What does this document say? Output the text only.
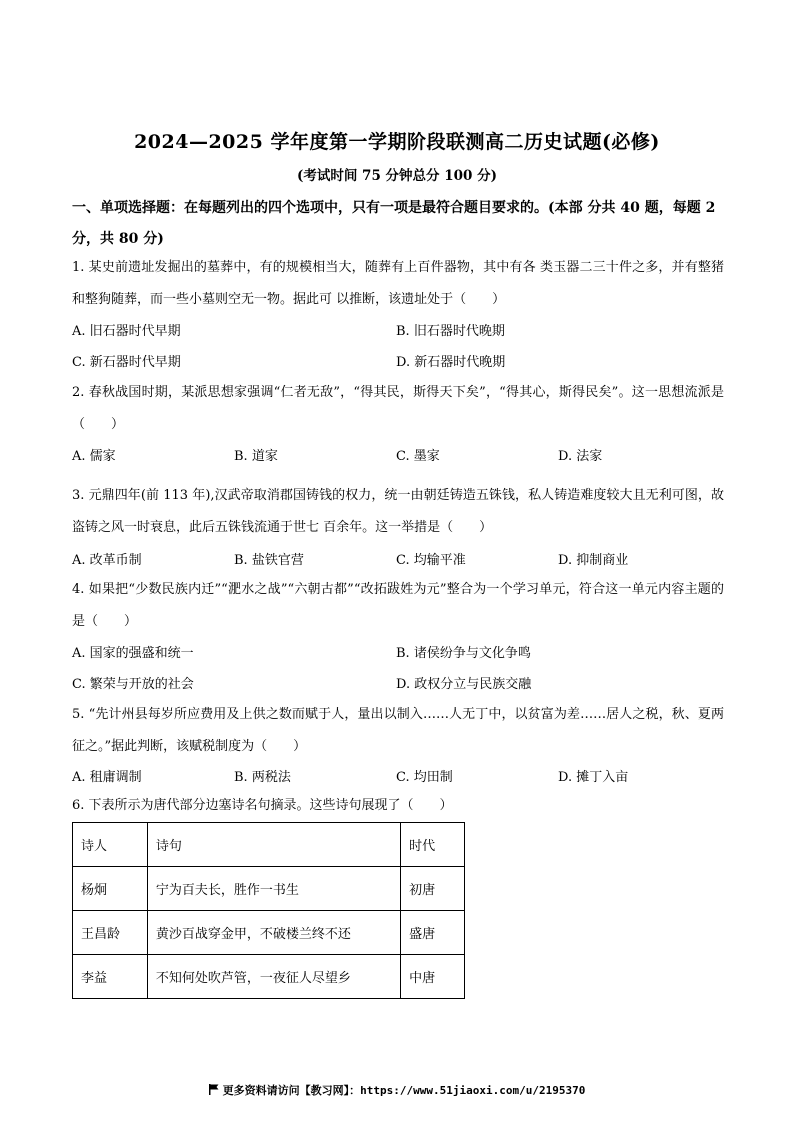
2024—2025 学年度第一学期阶段联测高二历史试题(必修)
(考试时间 75 分钟总分 100 分)
一、单项选择题：在每题列出的四个选项中，只有一项是最符合题目要求的。(本部 分共 40 题，每题 2 分，共 80 分)
1. 某史前遗址发掘出的墓葬中，有的规模相当大，随葬有上百件器物，其中有各 类玉器二三十件之多，并有整猪和整狗随葬，而一些小墓则空无一物。据此可 以推断，该遗址处于（　　）
A. 旧石器时代早期	B. 旧石器时代晚期
C. 新石器时代早期	D. 新石器时代晚期
2. 春秋战国时期，某派思想家强调“仁者无敌”，“得其民，斯得天下矣”，“得其心，斯得民矣”。这一思想流派是（　　）
A. 儒家	B. 道家	C. 墨家	D. 法家
3. 元鼎四年(前 113 年),汉武帝取消郡国铸钱的权力，统一由朝廷铸造五铢钱，私人铸造难度较大且无利可图，故盗铸之风一时衰息，此后五铢钱流通于世七 百余年。这一举措是（　　）
A. 改革币制	B. 盐铁官营	C. 均输平准	D. 抑制商业
4. 如果把“少数民族内迁”“淝水之战”“六朝古都”“改拓跋姓为元”整合为一个学习单元，符合这一单元内容主题的是（　　）
A. 国家的强盛和统一	B. 诸侯纷争与文化争鸣
C. 繁荣与开放的社会	D. 政权分立与民族交融
5. “先计州县每岁所应费用及上供之数而赋于人，量出以制入……人无丁中，以贫富为差……居人之税，秋、夏两征之。”据此判断，该赋税制度为（　　）
A. 租庸调制	B. 两税法	C. 均田制	D. 摊丁入亩
6. 下表所示为唐代部分边塞诗名句摘录。这些诗句展现了（　　）
诗人	诗句	时代
杨炯	宁为百夫长，胜作一书生	初唐
王昌龄	黄沙百战穿金甲，不破楼兰终不还	盛唐
李益	不知何处吹芦管，一夜征人尽望乡	中唐
更多资料请访问【教习网】：https://www.51jiaoxi.com/u/2195370
